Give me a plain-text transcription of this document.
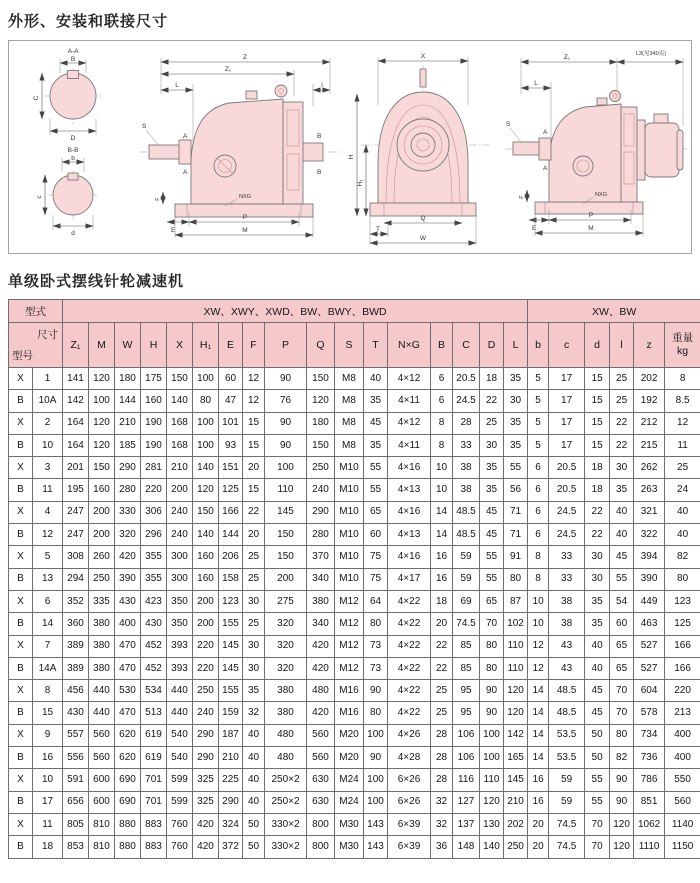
外形、安装和联接尺寸
A-A
B
C
D
B-B
b
c
d
Z
Z₁
L	I
S
A
A
B
B
NXG
F
E
P
M
X
H
H₁
Q
T
W
Z₁	L3(见340页)
L
S
A
A
NXG
F
E
P
M
单级卧式摆线针轮减速机
型式		XW、XWY、XWD、BW、BWY、BWD																	XW、BW					

尺寸
型号
	Z₁	M	W	H	X	H₁	E	F	P	Q	S	T	N×G	B	C	D	L	b	c	d	l	z	
重量
kg

X	1	141	120	180	175	150	100	60	12	90	150	M8	40	4×12	6	20.5	18	35	5	17	15	25	202	8
B	10A	142	100	144	160	140	80	47	12	76	120	M8	35	4×11	6	24.5	22	30	5	17	15	25	192	8.5
X	2	164	120	210	190	168	100	101	15	90	180	M8	45	4×12	8	28	25	35	5	17	15	22	212	12
B	10	164	120	185	190	168	100	93	15	90	150	M8	35	4×11	8	33	30	35	5	17	15	22	215	11
X	3	201	150	290	281	210	140	151	20	100	250	M10	55	4×16	10	38	35	55	6	20.5	18	30	262	25
B	11	195	160	280	220	200	120	125	15	110	240	M10	55	4×13	10	38	35	56	6	20.5	18	35	263	24
X	4	247	200	330	306	240	150	166	22	145	290	M10	65	4×16	14	48.5	45	71	6	24.5	22	40	321	40
B	12	247	200	320	296	240	140	144	20	150	280	M10	60	4×13	14	48.5	45	71	6	24.5	22	40	322	40
X	5	308	260	420	355	300	160	206	25	150	370	M10	75	4×16	16	59	55	91	8	33	30	45	394	82
B	13	294	250	390	355	300	160	158	25	200	340	M10	75	4×17	16	59	55	80	8	33	30	55	390	80
X	6	352	335	430	423	350	200	123	30	275	380	M12	64	4×22	18	69	65	87	10	38	35	54	449	123
B	14	360	380	400	430	350	200	155	25	320	340	M12	80	4×22	20	74.5	70	102	10	38	35	60	463	125
X	7	389	380	470	452	393	220	145	30	320	420	M12	73	4×22	22	85	80	110	12	43	40	65	527	166
B	14A	389	380	470	452	393	220	145	30	320	420	M12	73	4×22	22	85	80	110	12	43	40	65	527	166
X	8	456	440	530	534	440	250	155	35	380	480	M16	90	4×22	25	95	90	120	14	48.5	45	70	604	220
B	15	430	440	470	513	440	240	159	32	380	420	M16	80	4×22	25	95	90	120	14	48.5	45	70	578	213
X	9	557	560	620	619	540	290	187	40	480	560	M20	100	4×26	28	106	100	142	14	53.5	50	80	734	400
B	16	556	560	620	619	540	290	210	40	480	560	M20	90	4×28	28	106	100	165	14	53.5	50	82	736	400
X	10	591	600	690	701	599	325	225	40	250×2	630	M24	100	6×26	28	116	110	145	16	59	55	90	786	550
B	17	656	600	690	701	599	325	290	40	250×2	630	M24	100	6×26	32	127	120	210	16	59	55	90	851	560
X	11	805	810	880	883	760	420	324	50	330×2	800	M30	143	6×39	32	137	130	202	20	74.5	70	120	1062	1140
B	18	853	810	880	883	760	420	372	50	330×2	800	M30	143	6×39	36	148	140	250	20	74.5	70	120	1110	1150
